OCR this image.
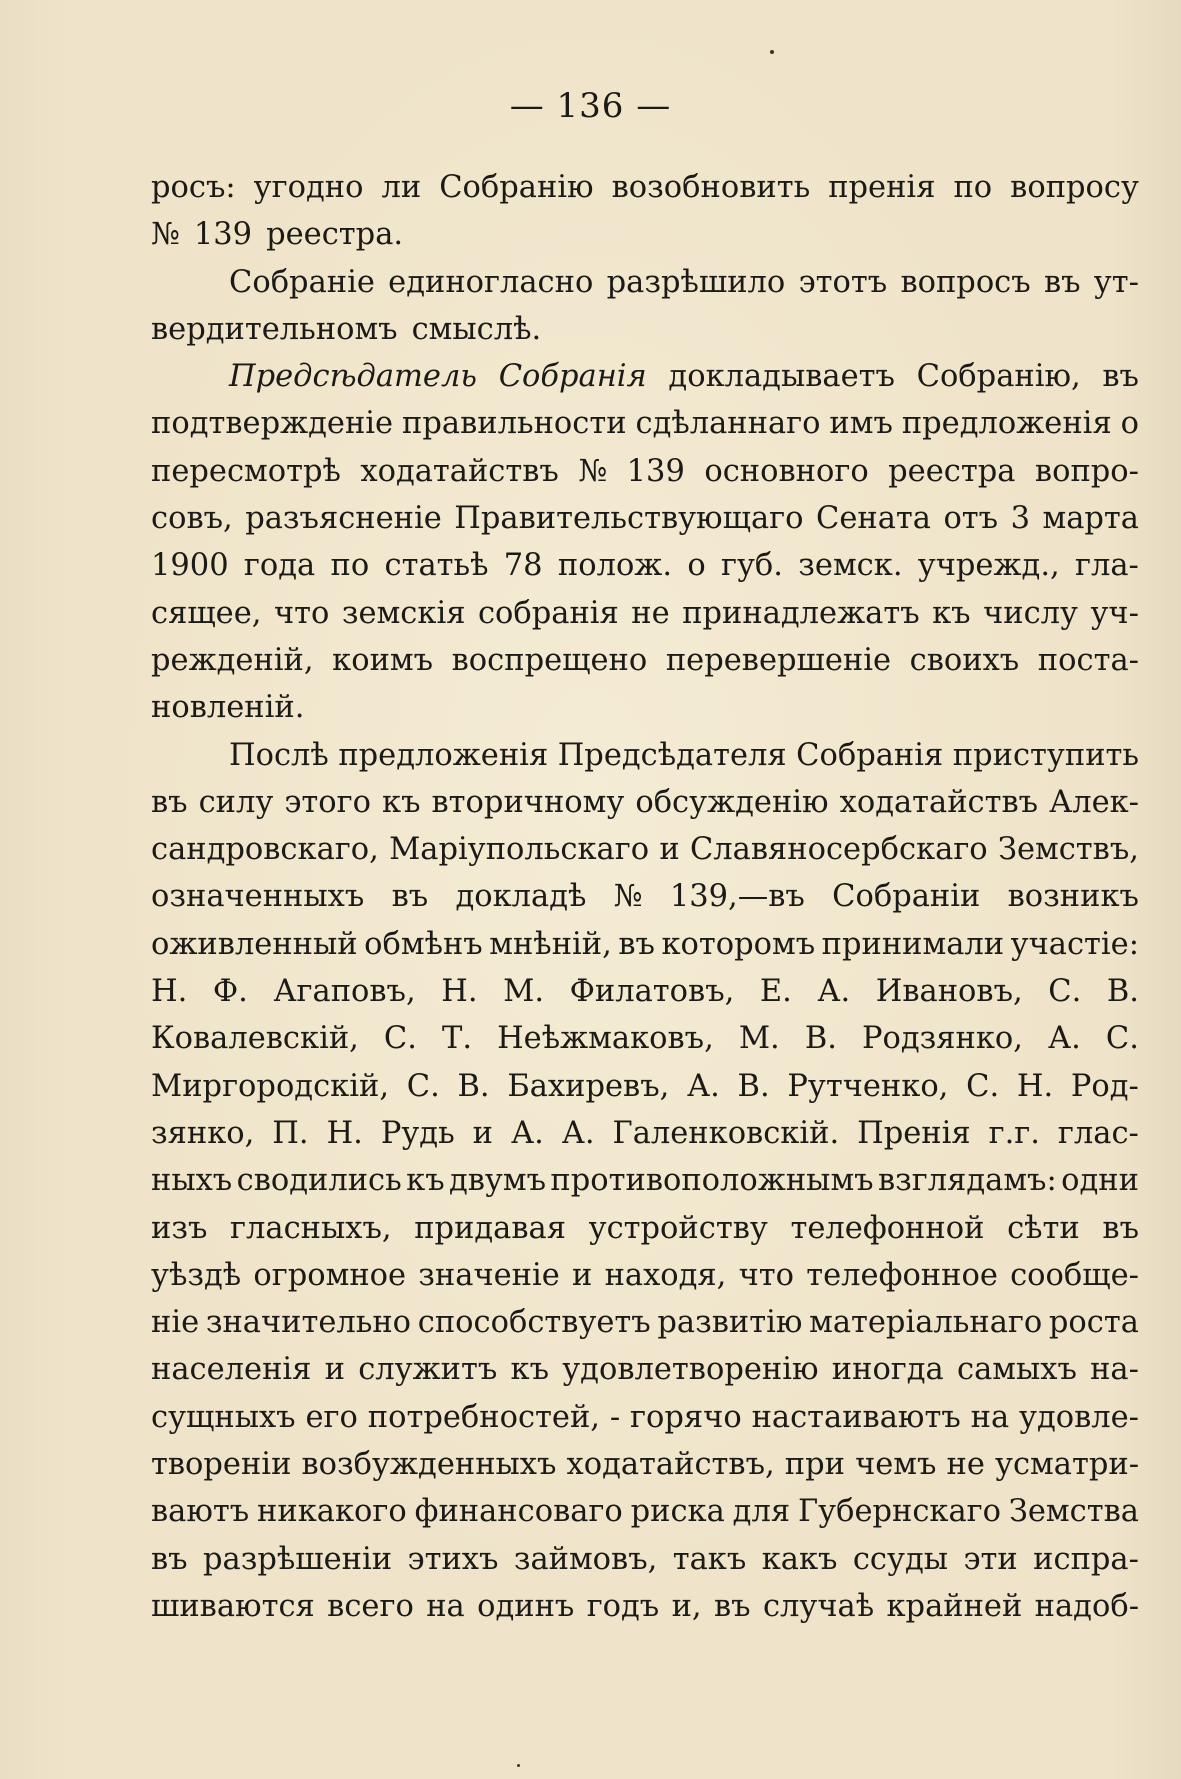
— 136 —
росъ: угодно ли Собранію возобновить пренія по вопросу
№ 139 реестра.
Собраніе единогласно разрѣшило этотъ вопросъ въ ут-
вердительномъ смыслѣ.
Предсѣдатель Собранія докладываетъ Собранію, въ
подтвержденіе правильности сдѣланнаго имъ предложенія о
пересмотрѣ ходатайствъ № 139 основного реестра вопро-
совъ, разъясненіе Правительствующаго Сената отъ 3 марта
1900 года по статьѣ 78 полож. о губ. земск. учрежд., гла-
сящее, что земскія собранія не принадлежатъ къ числу уч-
режденій, коимъ воспрещено перевершеніе своихъ поста-
новленій.
Послѣ предложенія Предсѣдателя Собранія приступить
въ силу этого къ вторичному обсужденію ходатайствъ Алек-
сандровскаго, Маріупольскаго и Славяносербскаго Земствъ,
означенныхъ въ докладѣ № 139,—въ Собраніи возникъ
оживленный обмѣнъ мнѣній, въ которомъ принимали участіе:
Н. Ф. Агаповъ, Н. М. Филатовъ, Е. А. Ивановъ, С. В.
Ковалевскій, С. Т. Неѣжмаковъ, М. В. Родзянко, А. С.
Миргородскій, С. В. Бахиревъ, А. В. Рутченко, С. Н. Род-
зянко, П. Н. Рудь и А. А. Галенковскій. Пренія г.г. глас-
ныхъ сводились къ двумъ противоположнымъ взглядамъ: одни
изъ гласныхъ, придавая устройству телефонной сѣти въ
уѣздѣ огромное значеніе и находя, что телефонное сообще-
ніе значительно способствуетъ развитію матеріальнаго роста
населенія и служитъ къ удовлетворенію иногда самыхъ на-
сущныхъ его потребностей, - горячо настаиваютъ на удовле-
твореніи возбужденныхъ ходатайствъ, при чемъ не усматри-
ваютъ никакого финансоваго риска для Губернскаго Земства
въ разрѣшеніи этихъ займовъ, такъ какъ ссуды эти испра-
шиваются всего на одинъ годъ и, въ случаѣ крайней надоб-
